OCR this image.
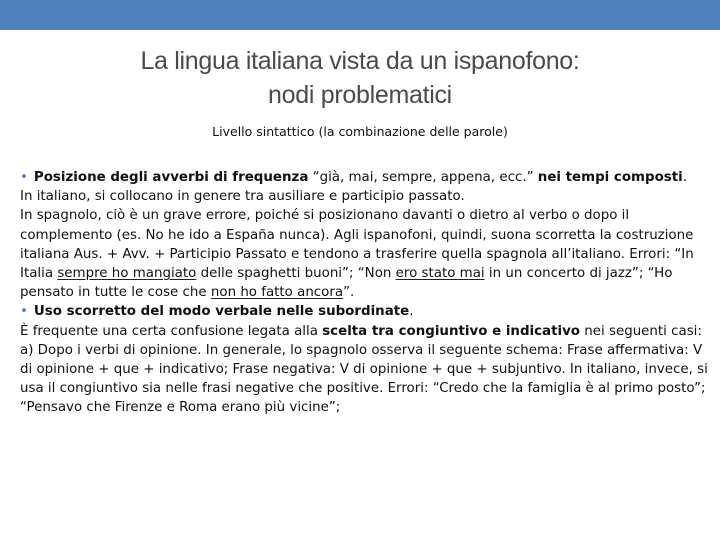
La lingua italiana vista da un ispanofono:
nodi problematici
Livello sintattico (la combinazione delle parole)

• Posizione degli avverbi di frequenza “già, mai, sempre, appena, ecc.” nei tempi composti.

In italiano, si collocano in genere tra ausiliare e participio passato.

In spagnolo, ciò è un grave errore, poiché si posizionano davanti o dietro al verbo o dopo il complemento (es. No he ido a España nunca). Agli ispanofoni, quindi, suona scorretta la costruzione italiana Aus. + Avv. + Participio Passato e tendono a trasferire quella spagnola all’italiano. Errori: “In Italia sempre ho mangiato delle spaghetti buoni”; “Non ero stato mai in un concerto di jazz”; “Ho pensato in tutte le cose che non ho fatto ancora”.

• Uso scorretto del modo verbale nelle subordinate.

È frequente una certa confusione legata alla scelta tra congiuntivo e indicativo nei seguenti casi:

a) Dopo i verbi di opinione. In generale, lo spagnolo osserva il seguente schema: Frase affermativa: V di opinione + que + indicativo; Frase negativa: V di opinione + que + subjuntivo. In italiano, invece, si usa il congiuntivo sia nelle frasi negative che positive. Errori: “Credo che la famiglia è al primo posto”; “Pensavo che Firenze e Roma erano più vicine”;
